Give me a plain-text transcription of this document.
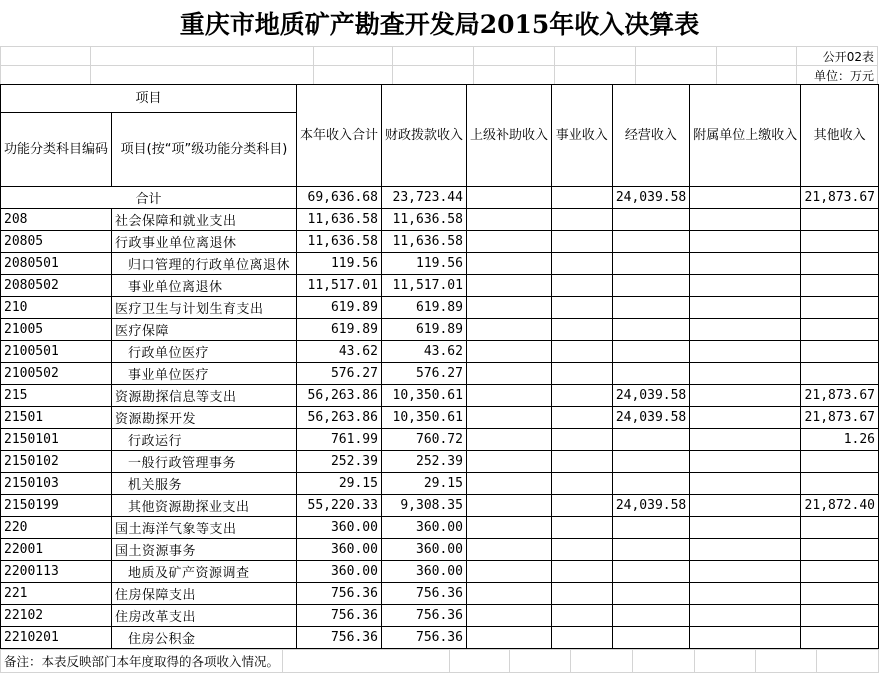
重庆市地质矿产勘查开发局2015年收入决算表
								公开02表
								单位：万元
项目		本年收入合计	财政拨款收入	上级补助收入	事业收入	经营收入	附属单位上缴收入	其他收入
功能分类科目编码	项目(按“项”级功能分类科目)							
合计		69,636.68	23,723.44			24,039.58		21,873.67
208	社会保障和就业支出	11,636.58	11,636.58					
20805	行政事业单位离退休	11,636.58	11,636.58					
2080501	归口管理的行政单位离退休	119.56	119.56					
2080502	事业单位离退休	11,517.01	11,517.01					
210	医疗卫生与计划生育支出	619.89	619.89					
21005	医疗保障	619.89	619.89					
2100501	行政单位医疗	43.62	43.62					
2100502	事业单位医疗	576.27	576.27					
215	资源勘探信息等支出	56,263.86	10,350.61			24,039.58		21,873.67
21501	资源勘探开发	56,263.86	10,350.61			24,039.58		21,873.67
2150101	行政运行	761.99	760.72					1.26
2150102	一般行政管理事务	252.39	252.39					
2150103	机关服务	29.15	29.15					
2150199	其他资源勘探业支出	55,220.33	9,308.35			24,039.58		21,872.40
220	国土海洋气象等支出	360.00	360.00					
22001	国土资源事务	360.00	360.00					
2200113	地质及矿产资源调查	360.00	360.00					
221	住房保障支出	756.36	756.36					
22102	住房改革支出	756.36	756.36					
2210201	住房公积金	756.36	756.36					
备注：本表反映部门本年度取得的各项收入情况。								
